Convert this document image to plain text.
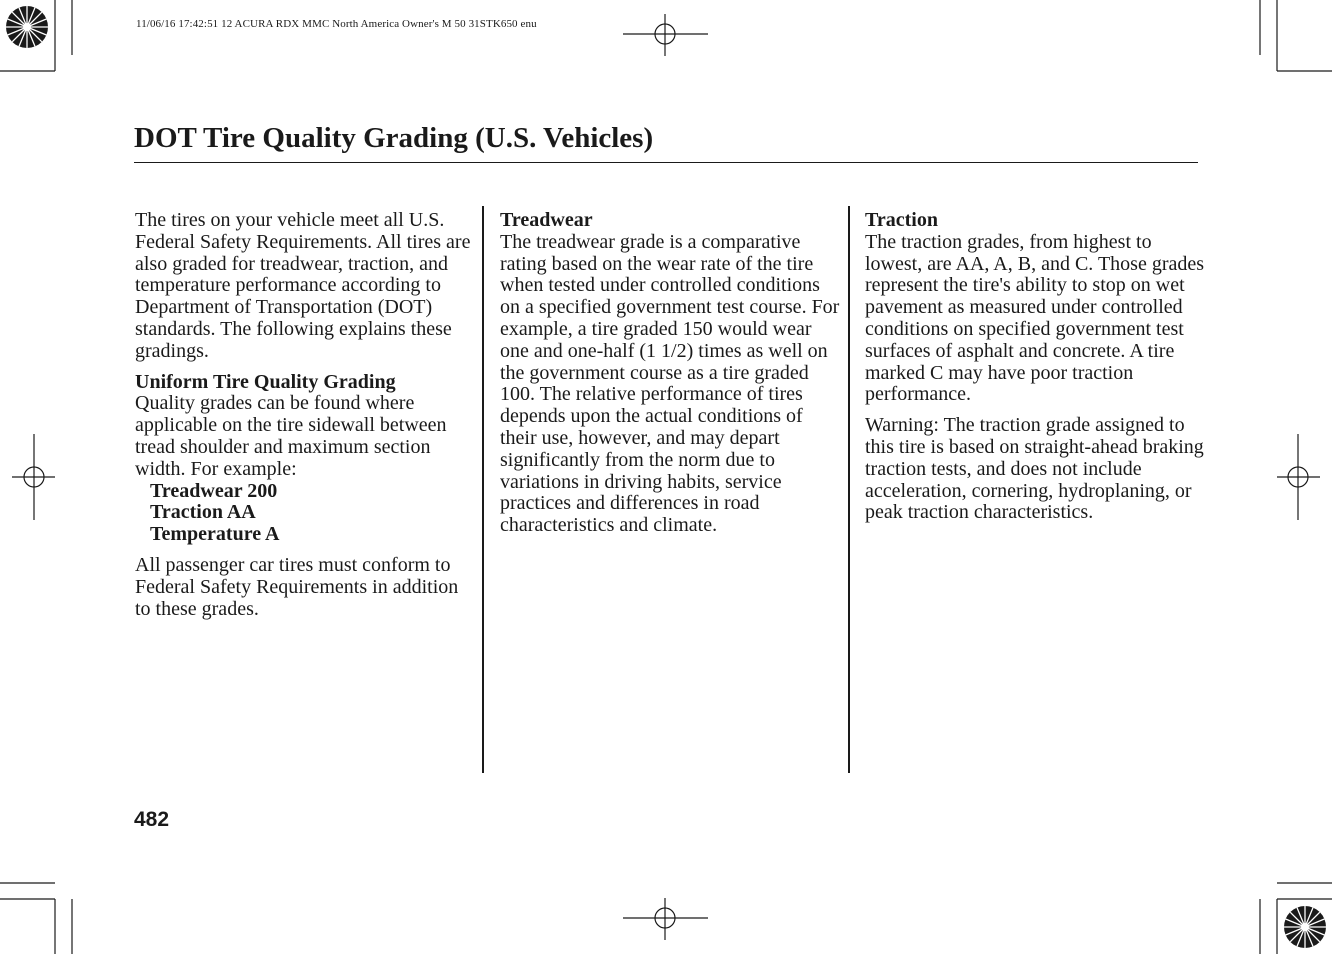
11/06/16 17:42:51 12 ACURA RDX MMC North America Owner's M 50 31STK650 enu
DOT Tire Quality Grading (U.S. Vehicles)

The tires on your vehicle meet all U.S. Federal Safety Requirements. All tires are also graded for treadwear, traction, and temperature performance according to Department of Transportation (DOT) standards. The following explains these gradings.

Uniform Tire Quality Grading

Quality grades can be found where applicable on the tire sidewall between tread shoulder and maximum section width. For example:

Treadwear 200

Traction AA

Temperature A

All passenger car tires must conform to Federal Safety Requirements in addition to these grades.

Treadwear

The treadwear grade is a comparative rating based on the wear rate of the tire when tested under controlled conditions on a specified government test course. For example, a tire graded 150 would wear one and one-half (1 1/2) times as well on the government course as a tire graded 100. The relative performance of tires depends upon the actual conditions of their use, however, and may depart significantly from the norm due to variations in driving habits, service practices and differences in road characteristics and climate.

Traction

The traction grades, from highest to lowest, are AA, A, B, and C. Those grades represent the tire's ability to stop on wet pavement as measured under controlled conditions on specified government test surfaces of asphalt and concrete. A tire marked C may have poor traction performance.

Warning: The traction grade assigned to this tire is based on straight-ahead braking traction tests, and does not include acceleration, cornering, hydroplaning, or peak traction characteristics.

482
